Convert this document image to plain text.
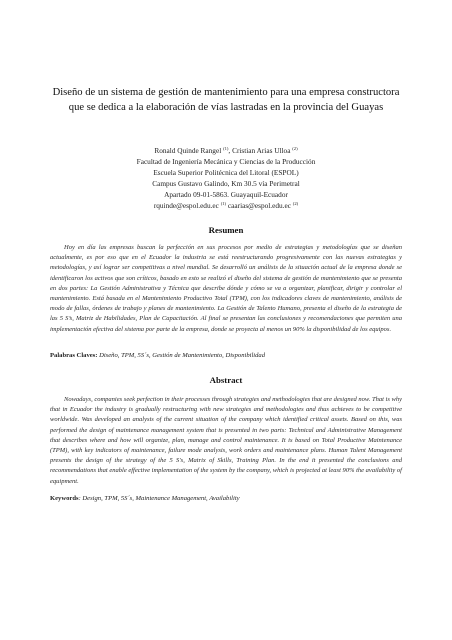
Diseño de un sistema de gestión de mantenimiento para una empresa constructora
que se dedica a la elaboración de vías lastradas en la provincia del Guayas
Ronald Quinde Rangel $^{(1)}$, Cristian Arias Ulloa $^{(2)}$
Facultad de Ingeniería Mecánica y Ciencias de la Producción
Escuela Superior Politécnica del Litoral (ESPOL)
Campus Gustavo Galindo, Km 30.5 vía Perimetral
Apartado 09-01-5863. Guayaquil-Ecuador
rquinde@espol.edu.ec $^{(1)}$ caarias@espol.edu.ec $^{(2)}$
Resumen
Hoy en día las empresas buscan la perfección en sus procesos por medio de estrategias y metodologías que se diseñan actualmente, es por eso que en el Ecuador la industria se está reestructurando progresivamente con las nuevas estrategias y metodologías, y así lograr ser competitivas a nivel mundial. Se desarrolló un análisis de la situación actual de la empresa donde se identificaron los activos que son críticos, basado en esto se realizó el diseño del sistema de gestión de mantenimiento que se presenta en dos partes: La Gestión Administrativa y Técnica que describe dónde y cómo se va a organizar, planificar, dirigir y controlar el mantenimiento. Está basada en el Mantenimiento Productivo Total (TPM), con los indicadores claves de mantenimiento, análisis de modo de fallas, órdenes de trabajo y planes de mantenimiento. La Gestión de Talento Humano, presenta el diseño de la estrategia de las 5 S’s, Matriz de Habilidades, Plan de Capacitación. Al final se presentan las conclusiones y recomendaciones que permiten una implementación efectiva del sistema por parte de la empresa, donde se proyecta al menos un 90% la disponibilidad de los equipos.
Palabras Claves: Diseño, TPM, 5S´s, Gestión de Mantenimiento, Disponibilidad
Abstract
Nowadays, companies seek perfection in their processes through strategies and methodologies that are designed now. That is why that in Ecuador the industry is gradually restructuring with new strategies and methodologies and thus achieves to be competitive worldwide. Was developed an analysis of the current situation of the company which identified critical assets. Based on this, was performed the design of maintenance management system that is presented in two parts: Technical and Administrative Management that describes where and how will organize, plan, manage and control maintenance. It is based on Total Productive Maintenance (TPM), with key indicators of maintenance, failure mode analysis, work orders and maintenance plans. Human Talent Management presents the design of the strategy of the 5 S's, Matrix of Skills, Training Plan. In the end it presented the conclusions and recommendations that enable effective implementation of the system by the company, which is projected at least 90% the availability of equipment.
Keywords: Design, TPM, 5S´s, Maintenance Management, Availability
